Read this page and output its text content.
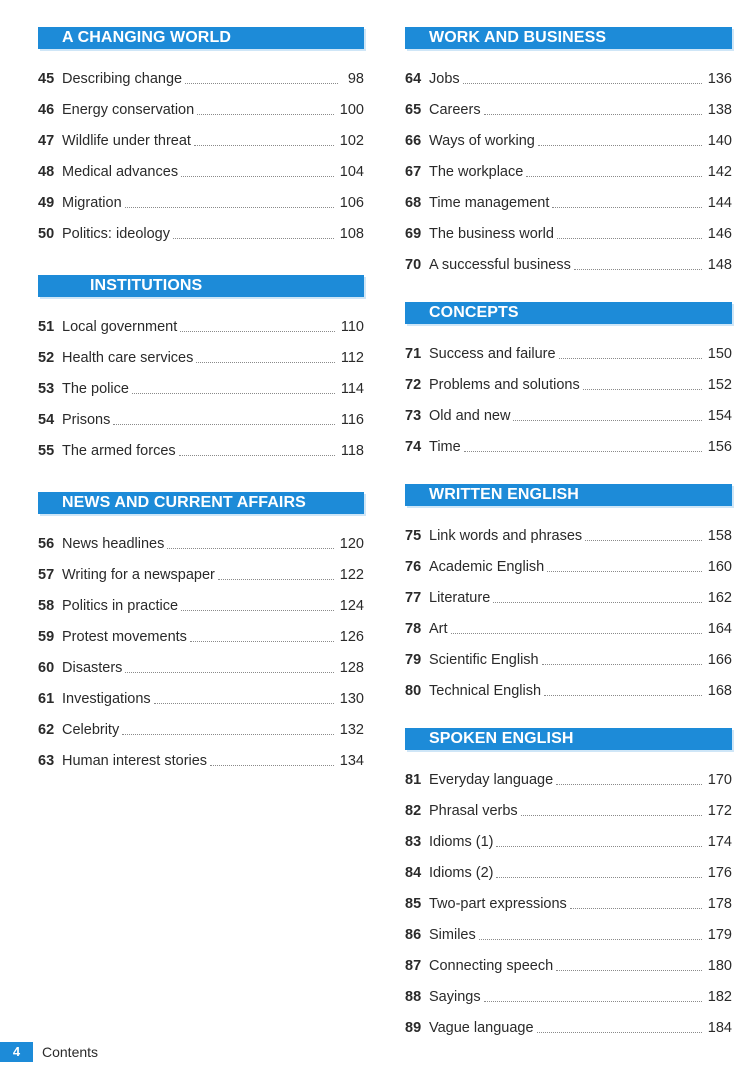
A CHANGING WORLD
45 Describing change	98
46 Energy conservation	100
47 Wildlife under threat	102
48 Medical advances	104
49 Migration	106
50 Politics: ideology	108
INSTITUTIONS
51 Local government	110
52 Health care services	112
53 The police	114
54 Prisons	116
55 The armed forces	118
NEWS AND CURRENT AFFAIRS
56 News headlines	120
57 Writing for a newspaper	122
58 Politics in practice	124
59 Protest movements	126
60 Disasters	128
61 Investigations	130
62 Celebrity	132
63 Human interest stories	134
WORK AND BUSINESS
64 Jobs	136
65 Careers	138
66 Ways of working	140
67 The workplace	142
68 Time management	144
69 The business world	146
70 A successful business	148
CONCEPTS
71 Success and failure	150
72 Problems and solutions	152
73 Old and new	154
74 Time	156
WRITTEN ENGLISH
75 Link words and phrases	158
76 Academic English	160
77 Literature	162
78 Art	164
79 Scientific English	166
80 Technical English	168
SPOKEN ENGLISH
81 Everyday language	170
82 Phrasal verbs	172
83 Idioms (1)	174
84 Idioms (2)	176
85 Two-part expressions	178
86 Similes	179
87 Connecting speech	180
88 Sayings	182
89 Vague language	184
4	Contents
